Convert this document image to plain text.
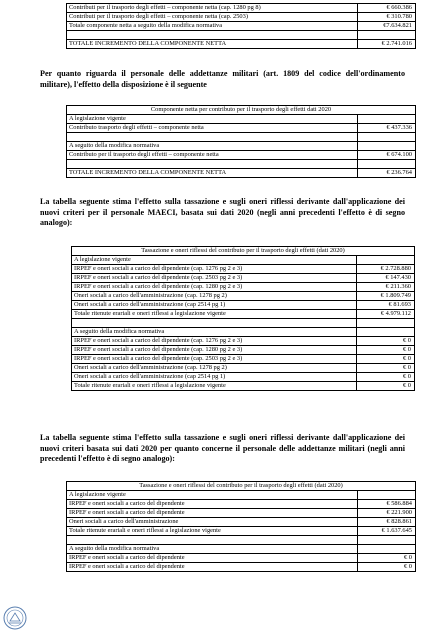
Contributi per il trasporto degli effetti – componente netta (cap. 1280 pg 8)	€ 660.386
Contributi per il trasporto degli effetti – componente netta (cap. 2503)	€ 310.780
Totale componente netta a seguito della modifica normativa	€7.634.821

TOTALE INCREMENTO DELLA COMPONENTE NETTA	€ 2.741.016

Per quanto riguarda il personale delle addettanze militari (art. 1809 del codice dell'ordinamento militare), l'effetto della disposizione è il seguente

Componente netta per contributo per il trasporto degli effetti dati 2020	
A legislazione vigente	
Contributo trasporto degli effetti – componente netta	€ 437.336

A seguito della modifica normativa	
Contributo per il trasporto degli effetti – componente netta	€ 674.100

TOTALE INCREMENTO DELLA COMPONENTE NETTA	€ 236.764

La tabella seguente stima l'effetto sulla tassazione e sugli oneri riflessi derivante dall'applicazione dei nuovi criteri per il personale MAECI, basata sui dati 2020 (negli anni precedenti l'effetto è di segno analogo):

Tassazione e oneri riflessi del contributo per il trasporto degli effetti (dati 2020)	
A legislazione vigente	
IRPEF e oneri sociali a carico del dipendente (cap. 1276 pg 2 e 3)	€ 2.728.880
IRPEF e oneri sociali a carico del dipendente (cap. 2503 pg 2 e 3)	€ 147.430
IRPEF e oneri sociali a carico del dipendente (cap. 1280 pg 2 e 3)	€ 211.360
Oneri sociali a carico dell'amministrazione (cap. 1278 pg 2)	€ 1.809.749
Oneri sociali a carico dell'amministrazione (cap 2514 pg 1)	€ 81.693
Totale ritenute erariali e oneri riflessi a legislazione vigente	€ 4.979.112

A seguito della modifica normativa	
IRPEF e oneri sociali a carico del dipendente (cap. 1276 pg 2 e 3)	€ 0
IRPEF e oneri sociali a carico del dipendente (cap. 1280 pg 2 e 3)	€ 0
IRPEF e oneri sociali a carico del dipendente (cap. 2503 pg 2 e 3)	€ 0
Oneri sociali a carico dell'amministrazione (cap. 1278 pg 2)	€ 0
Oneri sociali a carico dell'amministrazione (cap 2514 pg 1)	€ 0
Totale ritenute erariali e oneri riflessi a legislazione vigente	€ 0

La tabella seguente stima l'effetto sulla tassazione e sugli oneri riflessi derivante dall'applicazione dei nuovi criteri basata sui dati 2020 per quanto concerne il personale delle addettanze militari (negli anni precedenti l'effetto è di segno analogo):

Tassazione e oneri riflessi del contributo per il trasporto degli effetti (dati 2020)	
A legislazione vigente	
IRPEF e oneri sociali a carico del dipendente	€ 586.884
IRPEF e oneri sociali a carico del dipendente	€ 221.900
Oneri sociali a carico dell'amministrazione	€ 828.861
Totale ritenute erariali e oneri riflessi a legislazione vigente	€ 1.637.645

A seguito della modifica normativa	
IRPEF e oneri sociali a carico del dipendente	€ 0
IRPEF e oneri sociali a carico del dipendente	€ 0
